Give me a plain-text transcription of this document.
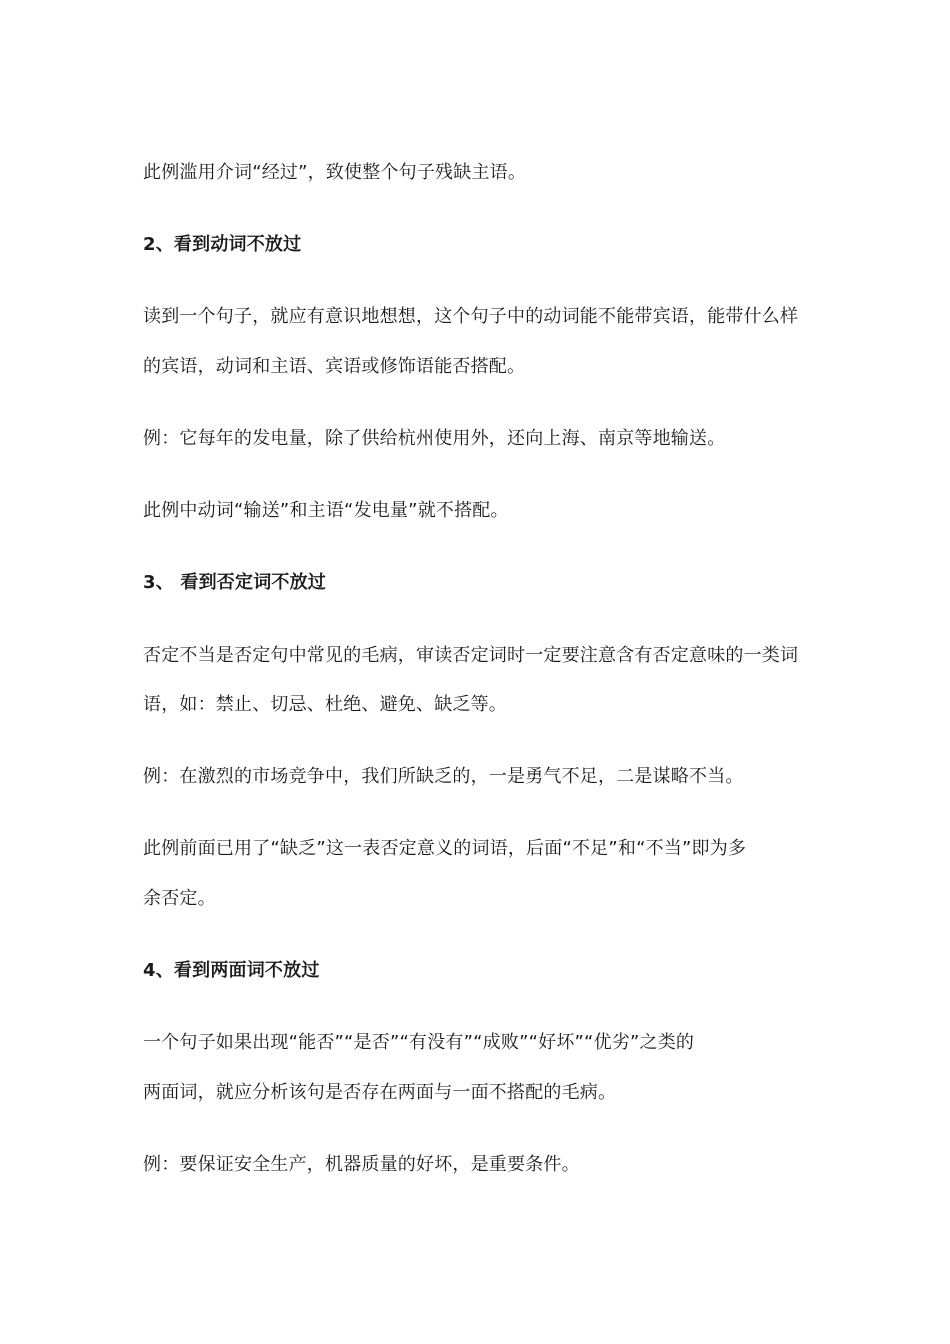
此例滥用介词“经过”，致使整个句子残缺主语。
2、看到动词不放过
读到一个句子，就应有意识地想想，这个句子中的动词能不能带宾语，能带什么样
的宾语，动词和主语、宾语或修饰语能否搭配。
例：它每年的发电量，除了供给杭州使用外，还向上海、南京等地输送。
此例中动词“输送”和主语“发电量”就不搭配。
3、 看到否定词不放过
否定不当是否定句中常见的毛病，审读否定词时一定要注意含有否定意味的一类词
语，如：禁止、切忌、杜绝、避免、缺乏等。
例：在激烈的市场竞争中，我们所缺乏的，一是勇气不足，二是谋略不当。
此例前面已用了“缺乏”这一表否定意义的词语，后面“不足”和“不当”即为多
余否定。
4、看到两面词不放过
一个句子如果出现“能否”“是否”“有没有”“成败”“好坏”“优劣”之类的
两面词，就应分析该句是否存在两面与一面不搭配的毛病。
例：要保证安全生产，机器质量的好坏，是重要条件。
